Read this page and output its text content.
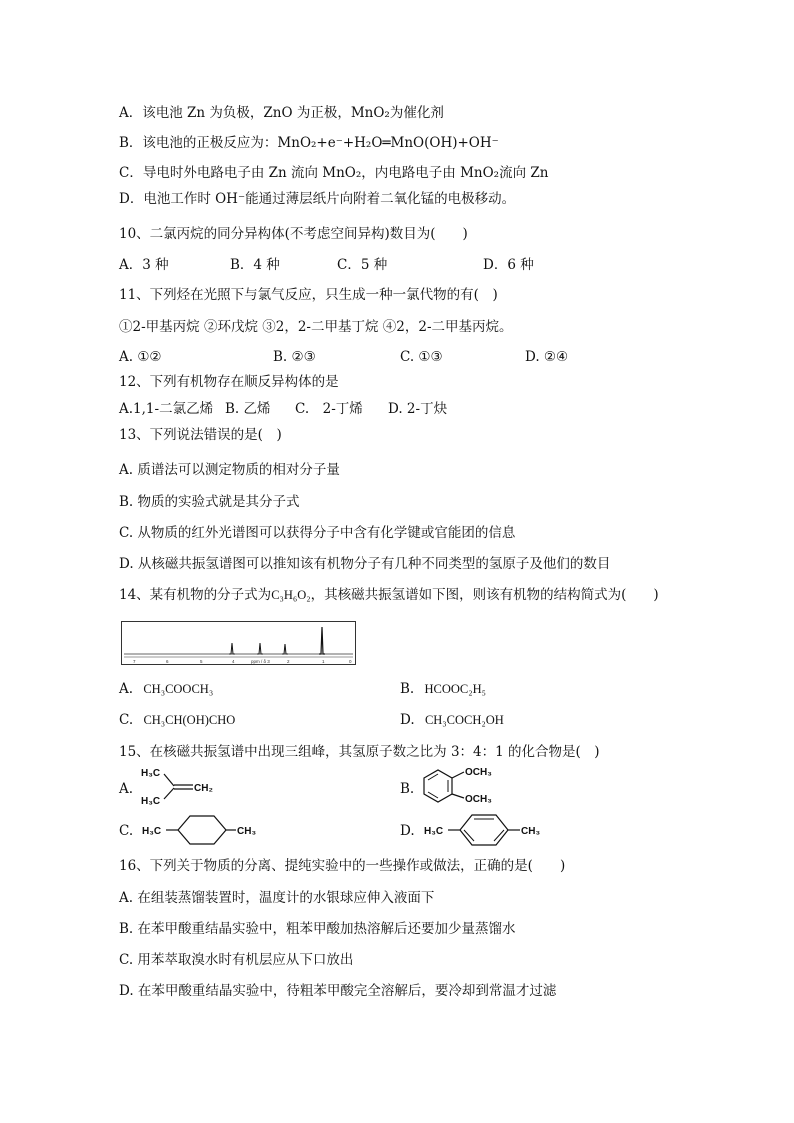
A．该电池 Zn 为负极，ZnO 为正极，MnO₂为催化剂
B．该电池的正极反应为：MnO₂+e⁻+H₂O═MnO(OH)+OH⁻
C．导电时外电路电子由 Zn 流向 MnO₂，内电路电子由 MnO₂流向 Zn
D．电池工作时 OH⁻能通过薄层纸片向附着二氧化锰的电极移动。
10、二氯丙烷的同分异构体(不考虑空间异构)数目为(　　)
A．3 种	B．4 种	C．5 种	D．6 种
11、下列烃在光照下与氯气反应，只生成一种一氯代物的有(　)
①2-甲基丙烷 ②环戊烷 ③2，2-二甲基丁烷 ④2，2-二甲基丙烷。
A. ①②	B. ②③	C. ①③	D. ②④
12、下列有机物存在顺反异构体的是
A.1,1-二氯乙烯 B. 乙烯 C.　2-丁烯 D. 2-丁炔
13、下列说法错误的是(　)
A. 质谱法可以测定物质的相对分子量
B. 物质的实验式就是其分子式
C. 从物质的红外光谱图可以获得分子中含有化学键或官能团的信息
D. 从核磁共振氢谱图可以推知该有机物分子有几种不同类型的氢原子及他们的数目
14、某有机物的分子式为C₃H₆O₂，其核磁共振氢谱如下图，则该有机物的结构简式为(　　)
7	6	5	4	ppm / δ 3	2	1	0
A. CH₃COOCH₃	B. HCOOC₂H₅
C. CH₃CH(OH)CHO	D. CH₃COCH₂OH
15、在核磁共振氢谱中出现三组峰，其氢原子数之比为 3：4：1 的化合物是(　)
A.
H₃C
H₃C
CH₂	B.
OCH₃
OCH₃
C. H₃C	CH₃	D. H₃C	CH₃
16、下列关于物质的分离、提纯实验中的一些操作或做法，正确的是(　　)
A. 在组装蒸馏装置时，温度计的水银球应伸入液面下
B. 在苯甲酸重结晶实验中，粗苯甲酸加热溶解后还要加少量蒸馏水
C. 用苯萃取溴水时有机层应从下口放出
D. 在苯甲酸重结晶实验中，待粗苯甲酸完全溶解后，要冷却到常温才过滤
